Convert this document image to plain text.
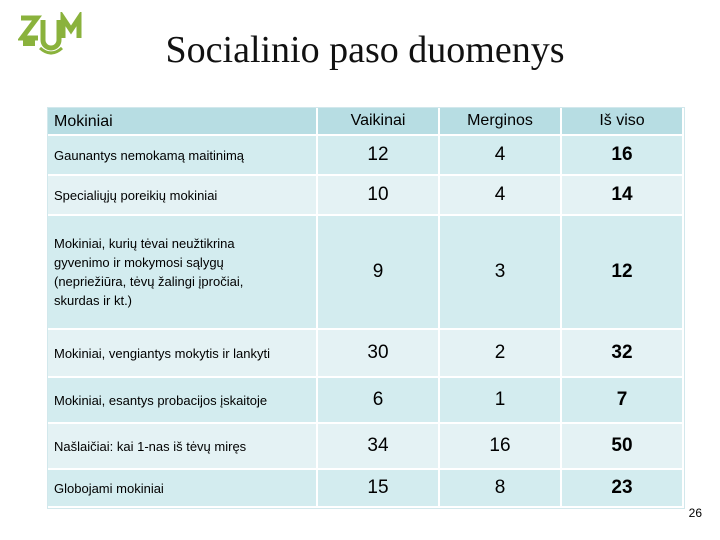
Socialinio paso duomenys
Mokiniai	Vaikinai	Merginos	Iš viso
Gaunantys nemokamą maitinimą	12	4	16
Specialiųjų poreikių mokiniai	10	4	14
Mokiniai, kurių tėvai neužtikrina gyvenimo ir mokymosi sąlygų (nepriežiūra, tėvų žalingi įpročiai, skurdas ir kt.)	9	3	12
Mokiniai, vengiantys mokytis ir lankyti	30	2	32
Mokiniai, esantys probacijos įskaitoje	6	1	7
Našlaičiai: kai 1-nas iš tėvų miręs	34	16	50
Globojami mokiniai	15	8	23
26
